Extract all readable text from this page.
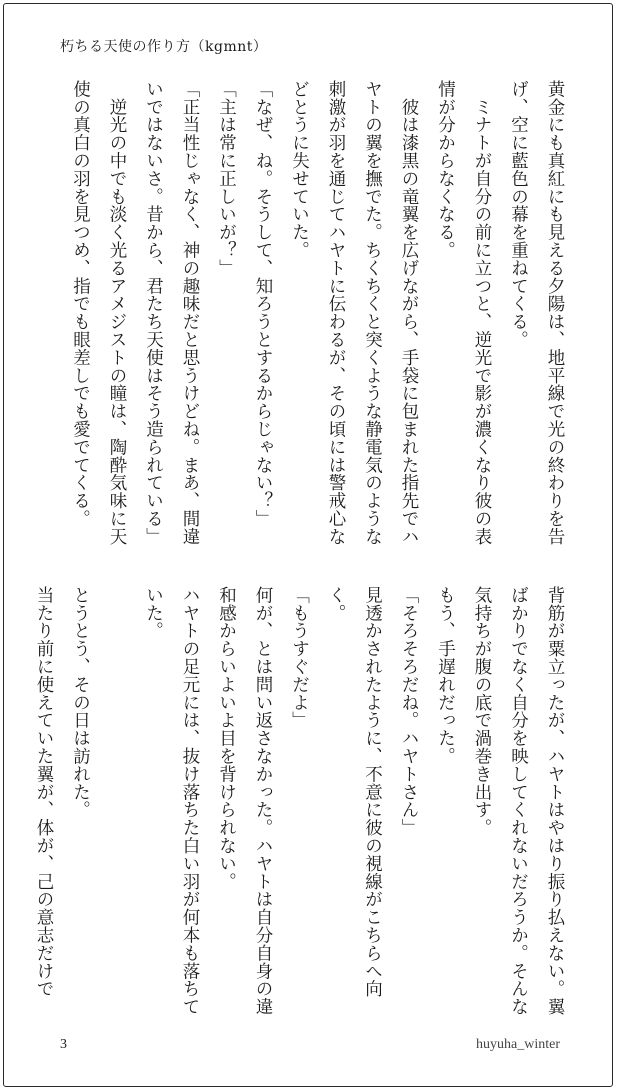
朽ちる天使の作り方（kgmnt）
黄金にも真紅にも見える夕陽は、地平線で光の終わりを告げ、空に藍色の幕を重ねてくる。
　ミナトが自分の前に立つと、逆光で影が濃くなり彼の表情が分からなくなる。
　彼は漆黒の竜翼を広げながら、手袋に包まれた指先でハヤトの翼を撫でた。ちくちくと突くような静電気のような刺激が羽を通じてハヤトに伝わるが、その頃には警戒心などとうに失せていた。
「なぜ、ね。そうして、知ろうとするからじゃない？」
「主は常に正しいが？」
「正当性じゃなく、神の趣味だと思うけどね。まあ、間違いではないさ。昔から、君たち天使はそう造られている」
　逆光の中でも淡く光るアメジストの瞳は、陶酔気味に天使の真白の羽を見つめ、指でも眼差しでも愛でてくる。
背筋が粟立ったが、ハヤトはやはり振り払えない。翼ばかりでなく自分を映してくれないだろうか。そんな気持ちが腹の底で渦巻き出す。
もう、手遅れだった。
「そろそろだね。ハヤトさん」
見透かされたように、不意に彼の視線がこちらへ向く。
「もうすぐだよ」
何が、とは問い返さなかった。ハヤトは自分自身の違和感からいよいよ目を背けられない。
ハヤトの足元には、抜け落ちた白い羽が何本も落ちていた。
とうとう、その日は訪れた。
当たり前に使えていた翼が、体が、己の意志だけで
3	huyuha_winter
